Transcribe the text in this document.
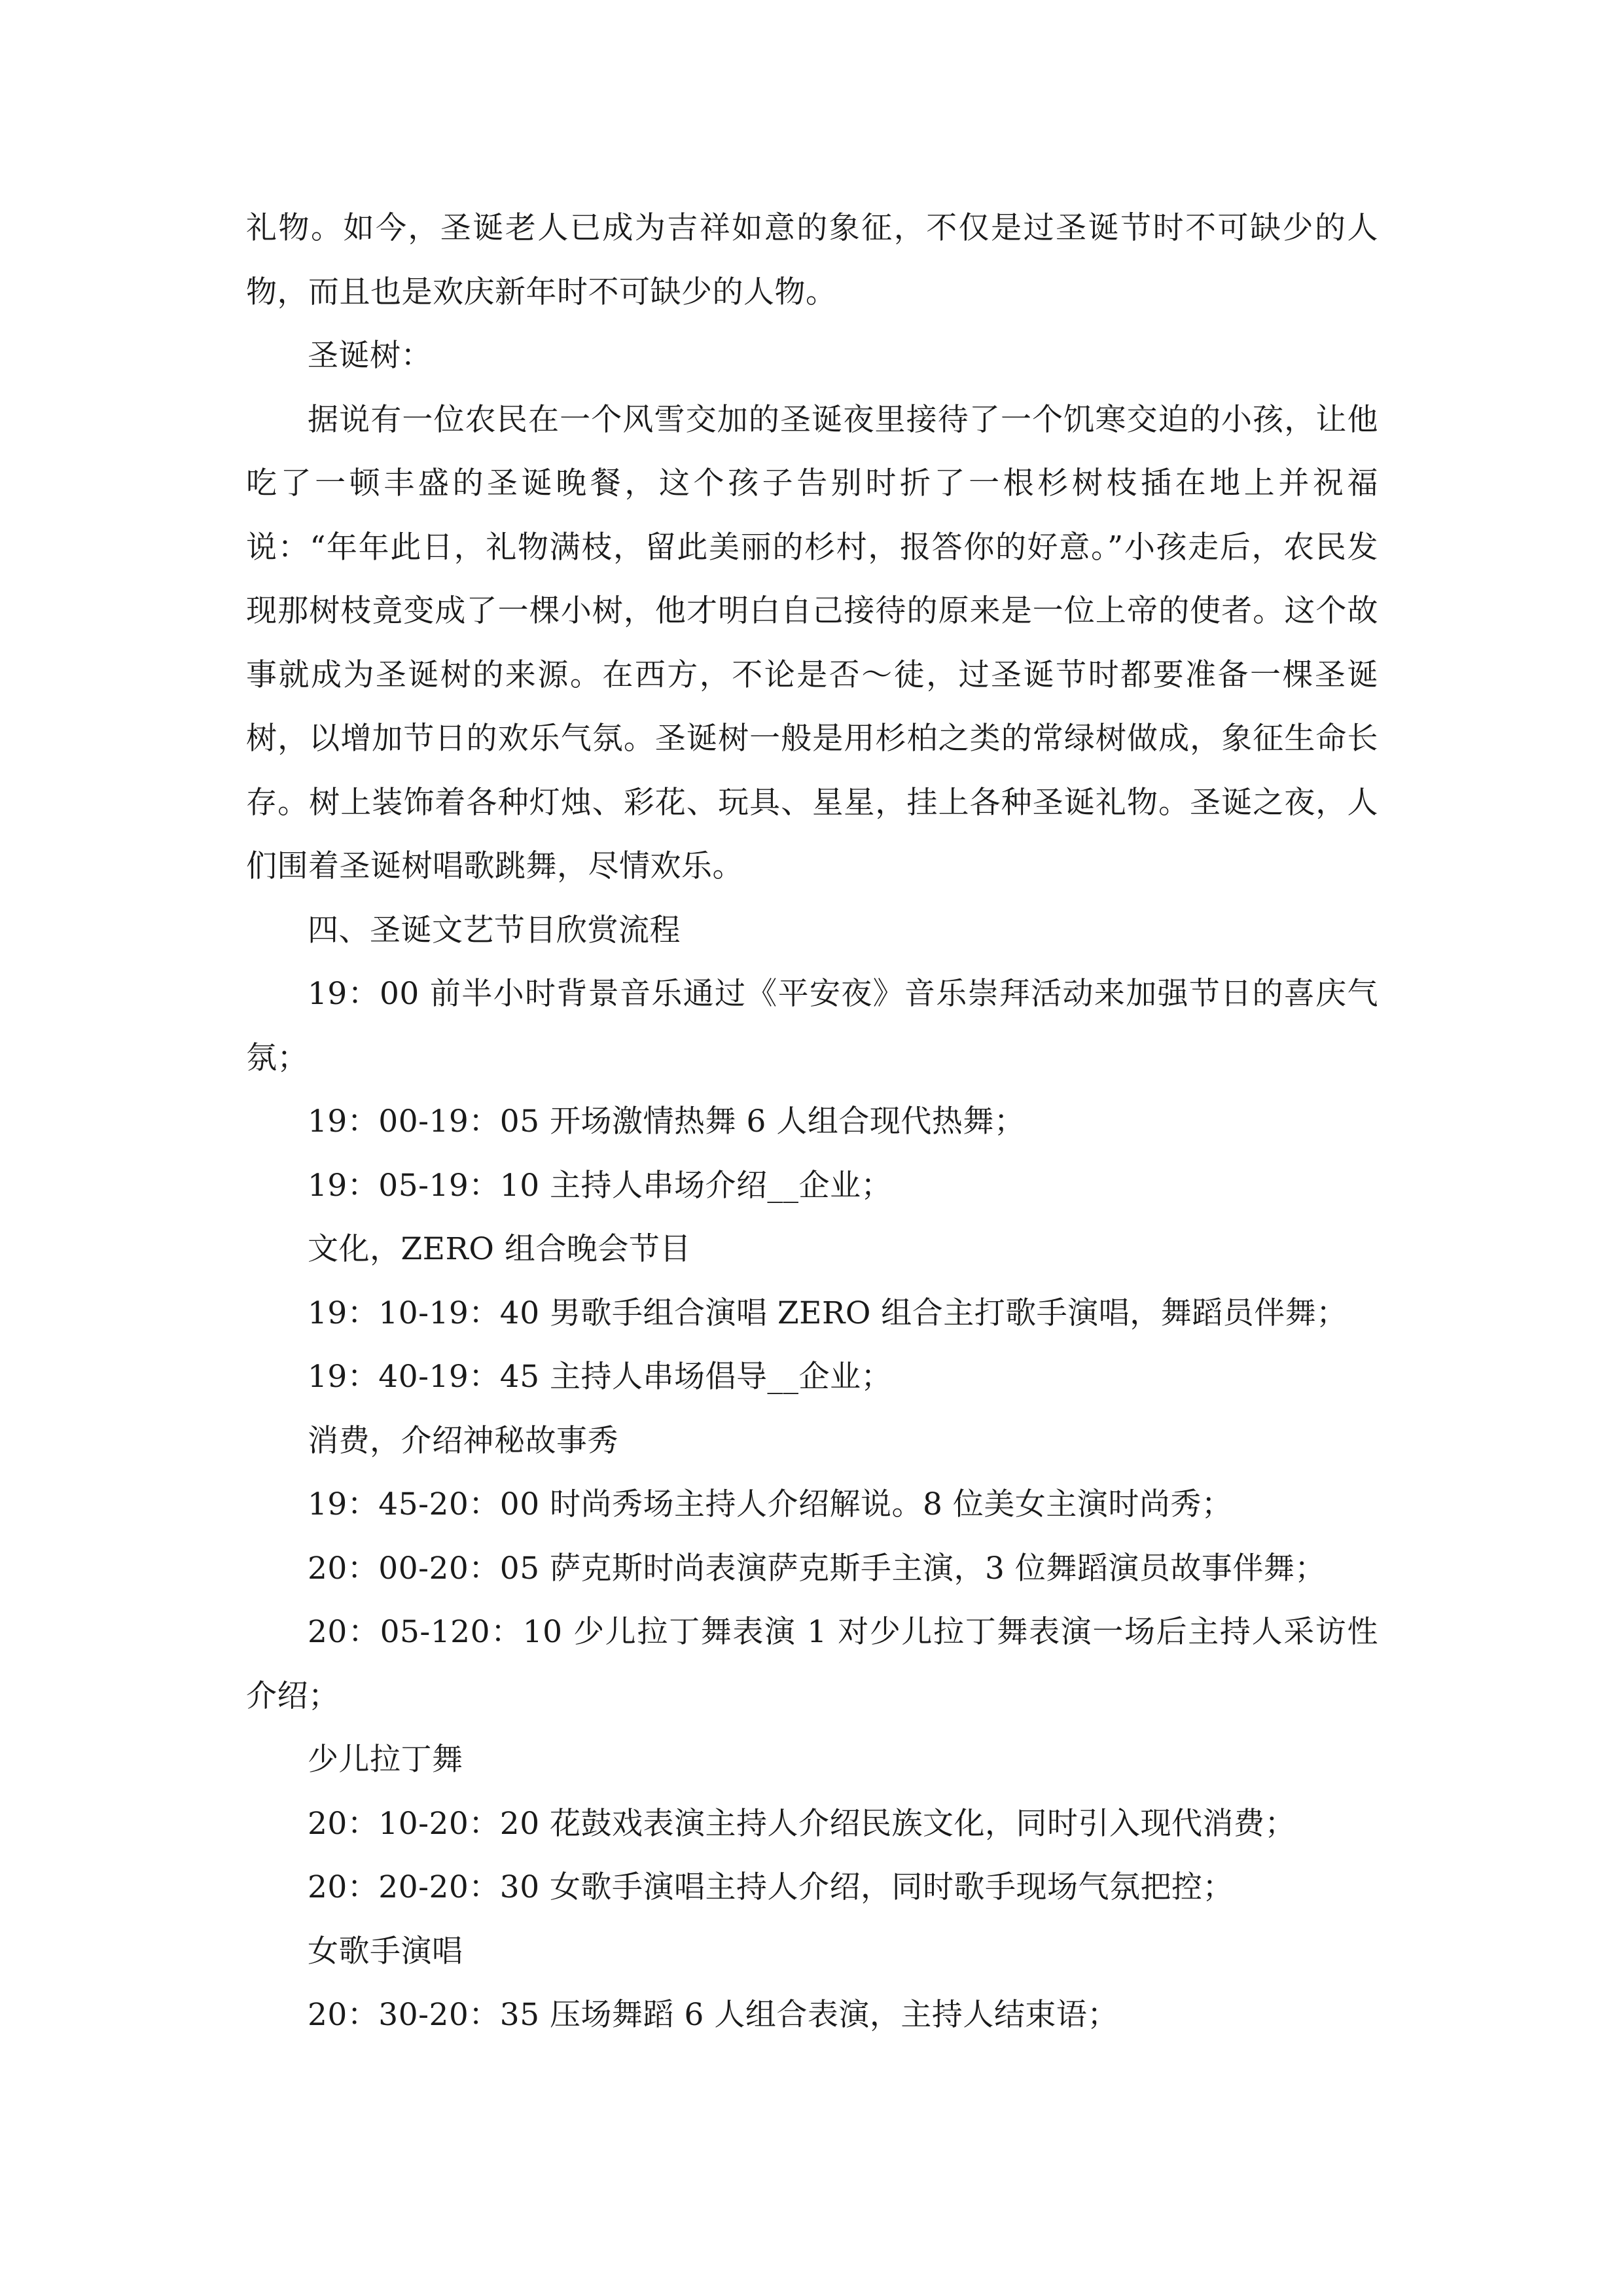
礼物。如今，圣诞老人已成为吉祥如意的象征，不仅是过圣诞节时不可缺少的人物，而且也是欢庆新年时不可缺少的人物。

圣诞树：

据说有一位农民在一个风雪交加的圣诞夜里接待了一个饥寒交迫的小孩，让他吃了一顿丰盛的圣诞晚餐，这个孩子告别时折了一根杉树枝插在地上并祝福说：“年年此日，礼物满枝，留此美丽的杉村，报答你的好意。”小孩走后，农民发现那树枝竟变成了一棵小树，他才明白自己接待的原来是一位上帝的使者。这个故事就成为圣诞树的来源。在西方，不论是否～徒，过圣诞节时都要准备一棵圣诞树，以增加节日的欢乐气氛。圣诞树一般是用杉柏之类的常绿树做成，象征生命长存。树上装饰着各种灯烛、彩花、玩具、星星，挂上各种圣诞礼物。圣诞之夜，人们围着圣诞树唱歌跳舞，尽情欢乐。

四、圣诞文艺节目欣赏流程

19：00 前半小时背景音乐通过《平安夜》音乐崇拜活动来加强节日的喜庆气氛；

19：00-19：05 开场激情热舞 6 人组合现代热舞；

19：05-19：10 主持人串场介绍__企业；

文化，ZERO 组合晚会节目

19：10-19：40 男歌手组合演唱 ZERO 组合主打歌手演唱，舞蹈员伴舞；

19：40-19：45 主持人串场倡导__企业；

消费，介绍神秘故事秀

19：45-20：00 时尚秀场主持人介绍解说。8 位美女主演时尚秀；

20：00-20：05 萨克斯时尚表演萨克斯手主演，3 位舞蹈演员故事伴舞；

20：05-120：10 少儿拉丁舞表演 1 对少儿拉丁舞表演一场后主持人采访性介绍；

少儿拉丁舞

20：10-20：20 花鼓戏表演主持人介绍民族文化，同时引入现代消费；

20：20-20：30 女歌手演唱主持人介绍，同时歌手现场气氛把控；

女歌手演唱

20：30-20：35 压场舞蹈 6 人组合表演，主持人结束语；
